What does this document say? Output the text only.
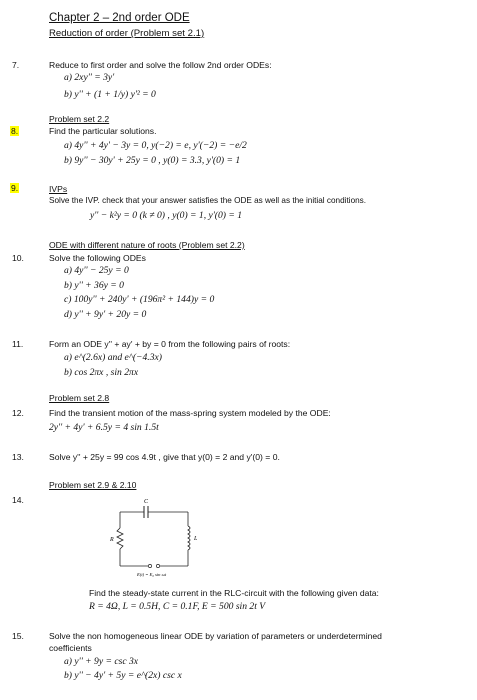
Chapter 2 – 2nd order ODE
Reduction of order (Problem set 2.1)
7.	Reduce to first order and solve the follow 2nd order ODEs:
a) 2xy'' = 3y'
b) y'' + (1 + 1/y) y'² = 0
Problem set 2.2
8.	Find the particular solutions.
a) 4y'' + 4y' − 3y = 0, y(−2) = e, y'(−2) = −e/2
b) 9y'' − 30y' + 25y = 0 , y(0) = 3.3, y'(0) = 1
9.	IVPs
Solve the IVP. check that your answer satisfies the ODE as well as the initial conditions.
y'' − k²y = 0 (k ≠ 0) , y(0) = 1, y'(0) = 1
ODE with different nature of roots (Problem set 2.2)
10.	Solve the following ODEs
a) 4y'' − 25y = 0
b) y'' + 36y = 0
c) 100y'' + 240y' + (196π² + 144)y = 0
d) y'' + 9y' + 20y = 0
11.	Form an ODE y'' + ay' + by = 0 from the following pairs of roots:
a) e^(2.6x) and e^(−4.3x)
b) cos 2πx , sin 2πx
Problem set 2.8
12.	Find the transient motion of the mass-spring system modeled by the ODE:
2y'' + 4y' + 6.5y = 4 sin 1.5t
13.	Solve y'' + 25y = 99 cos 4.9t , give that y(0) = 2 and y'(0) = 0.
Problem set 2.9 & 2.10
14.	C
R	L
E(t) = E₀ sin ωt
Find the steady-state current in the RLC-circuit with the following given data:
R = 4Ω, L = 0.5H, C = 0.1F, E = 500 sin 2t V
15.	Solve the non homogeneous linear ODE by variation of parameters or underdetermined
coefficients
a) y'' + 9y = csc 3x
b) y'' − 4y' + 5y = e^(2x) csc x
